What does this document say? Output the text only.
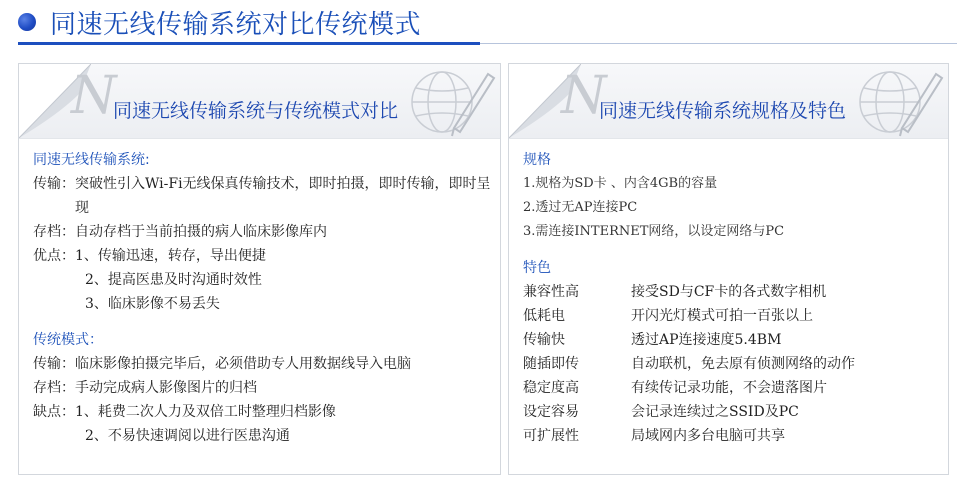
同速无线传输系统对比传统模式
N
同速无线传输系统与传统模式对比
同速无线传输系统:
传输： 突破性引入Wi-Fi无线保真传输技术，即时拍摄，即时传输，即时呈现
存档： 自动存档于当前拍摄的病人临床影像库内
优点： 1、传输迅速，转存，导出便捷
2、提高医患及时沟通时效性
3、临床影像不易丢失
传统模式：
传输： 临床影像拍摄完毕后，必须借助专人用数据线导入电脑
存档： 手动完成病人影像图片的归档
缺点： 1、耗费二次人力及双倍工时整理归档影像
2、不易快速调阅以进行医患沟通
N
同速无线传输系统规格及特色
规格
1.规格为SD卡 、内含4GB的容量
2.透过无AP连接PC
3.需连接INTERNET网络，以设定网络与PC
特色
兼容性高	接受SD与CF卡的各式数字相机
低耗电	开闪光灯模式可拍一百张以上
传输快	透过AP连接速度5.4BM
随插即传	自动联机，免去原有侦测网络的动作
稳定度高	有续传记录功能，不会遗落图片
设定容易	会记录连续过之SSID及PC
可扩展性	局域网内多台电脑可共享
